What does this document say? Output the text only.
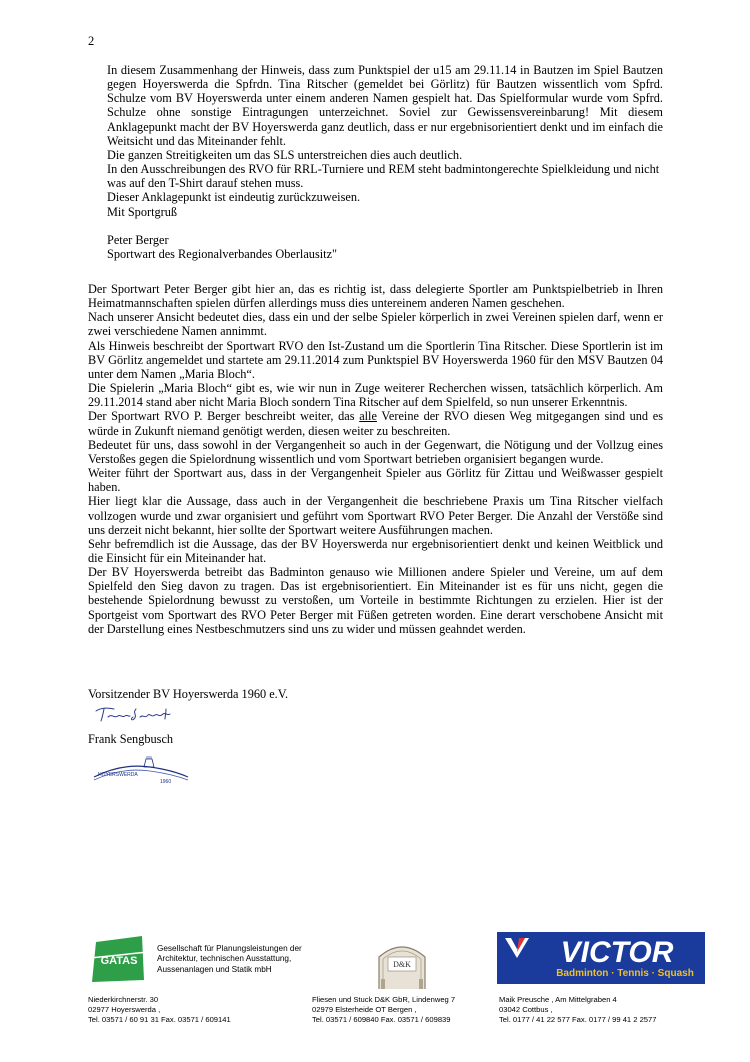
2

In diesem Zusammenhang der Hinweis, dass zum Punktspiel der u15 am 29.11.14 in Bautzen im Spiel Bautzen gegen Hoyerswerda die Spfrdn. Tina Ritscher (gemeldet bei Görlitz) für Bautzen wissentlich vom Spfrd. Schulze vom BV Hoyerswerda unter einem anderen Namen gespielt hat. Das Spielformular wurde vom Spfrd. Schulze ohne sonstige Eintragungen unterzeichnet. Soviel zur Gewissensvereinbarung! Mit diesem Anklagepunkt macht der BV Hoyerswerda ganz deutlich, dass er nur ergebnisorientiert denkt und im einfach die Weitsicht und das Miteinander fehlt.

Die ganzen Streitigkeiten um das SLS unterstreichen dies auch deutlich.

In den Ausschreibungen des RVO für RRL-Turniere und REM steht badmintongerechte Spielkleidung und nicht was auf den T-Shirt darauf stehen muss.

Dieser Anklagepunkt ist eindeutig zurückzuweisen.

Mit Sportgruß

Peter Berger

Sportwart des Regionalverbandes Oberlausitz"

Der Sportwart Peter Berger gibt hier an, das es richtig ist, dass delegierte Sportler am Punktspielbetrieb in Ihren Heimatmannschaften spielen dürfen allerdings muss dies untereinem anderen Namen geschehen.

Nach unserer Ansicht bedeutet dies, dass ein und der selbe Spieler körperlich in zwei Vereinen spielen darf, wenn er zwei verschiedene Namen annimmt.

Als Hinweis beschreibt der Sportwart RVO den Ist-Zustand um die Sportlerin Tina Ritscher. Diese Sportlerin ist im BV Görlitz angemeldet und startete am 29.11.2014 zum Punktspiel BV Hoyerswerda 1960 für den MSV Bautzen 04 unter dem Namen „Maria Bloch“.

Die Spielerin „Maria Bloch“ gibt es, wie wir nun in Zuge weiterer Recherchen wissen, tatsächlich körperlich. Am 29.11.2014 stand aber nicht Maria Bloch sondern Tina Ritscher auf dem Spielfeld, so nun unserer Erkenntnis.

Der Sportwart RVO P. Berger beschreibt weiter, das alle Vereine der RVO diesen Weg mitgegangen sind und es würde in Zukunft niemand genötigt werden, diesen weiter zu beschreiten.

Bedeutet für uns, dass sowohl in der Vergangenheit so auch in der Gegenwart, die Nötigung und der Vollzug eines Verstoßes gegen die Spielordnung wissentlich und vom Sportwart betrieben organisiert begangen wurde.

Weiter führt der Sportwart aus, dass in der Vergangenheit Spieler aus Görlitz für Zittau und Weißwasser gespielt haben.

Hier liegt klar die Aussage, dass auch in der Vergangenheit die beschriebene Praxis um Tina Ritscher vielfach vollzogen wurde und zwar organisiert und geführt vom Sportwart RVO Peter Berger. Die Anzahl der Verstöße sind uns derzeit nicht bekannt, hier sollte der Sportwart weitere Ausführungen machen.

Sehr befremdlich ist die Aussage, das der BV Hoyerswerda nur ergebnisorientiert denkt und keinen Weitblick und die Einsicht für ein Miteinander hat.

Der BV Hoyerswerda betreibt das Badminton genauso wie Millionen andere Spieler und Vereine, um auf dem Spielfeld den Sieg davon zu tragen. Das ist ergebnisorientiert. Ein Miteinander ist es für uns nicht, gegen die bestehende Spielordnung bewusst zu verstoßen, um Vorteile in bestimmte Richtungen zu erzielen. Hier ist der Sportgeist vom Sportwart des RVO Peter Berger mit Füßen getreten worden. Eine derart verschobene Ansicht mit der Darstellung eines Nestbeschmutzers sind uns zu wider und müssen geahndet werden.

Vorsitzender BV Hoyerswerda 1960 e.V.
Frank Sengbusch
HOYERSWERDA
1960
GATAS
Gesellschaft für Planungsleistungen der
Architektur, technischen Ausstattung,
Aussenanlagen und Statik mbH
D&K	VICTOR
Badminton · Tennis · Squash
Niederkirchnerstr. 30
02977 Hoyerswerda ,
Tel. 03571 / 60 91 31 Fax. 03571 / 609141
Fliesen und Stuck D&K GbR, Lindenweg 7
02979 Elsterheide OT Bergen ,
Tel. 03571 / 609840 Fax. 03571 / 609839
Maik Preusche , Am Mittelgraben 4
03042 Cottbus ,
Tel. 0177 / 41 22 577 Fax. 0177 / 99 41 2 2577
